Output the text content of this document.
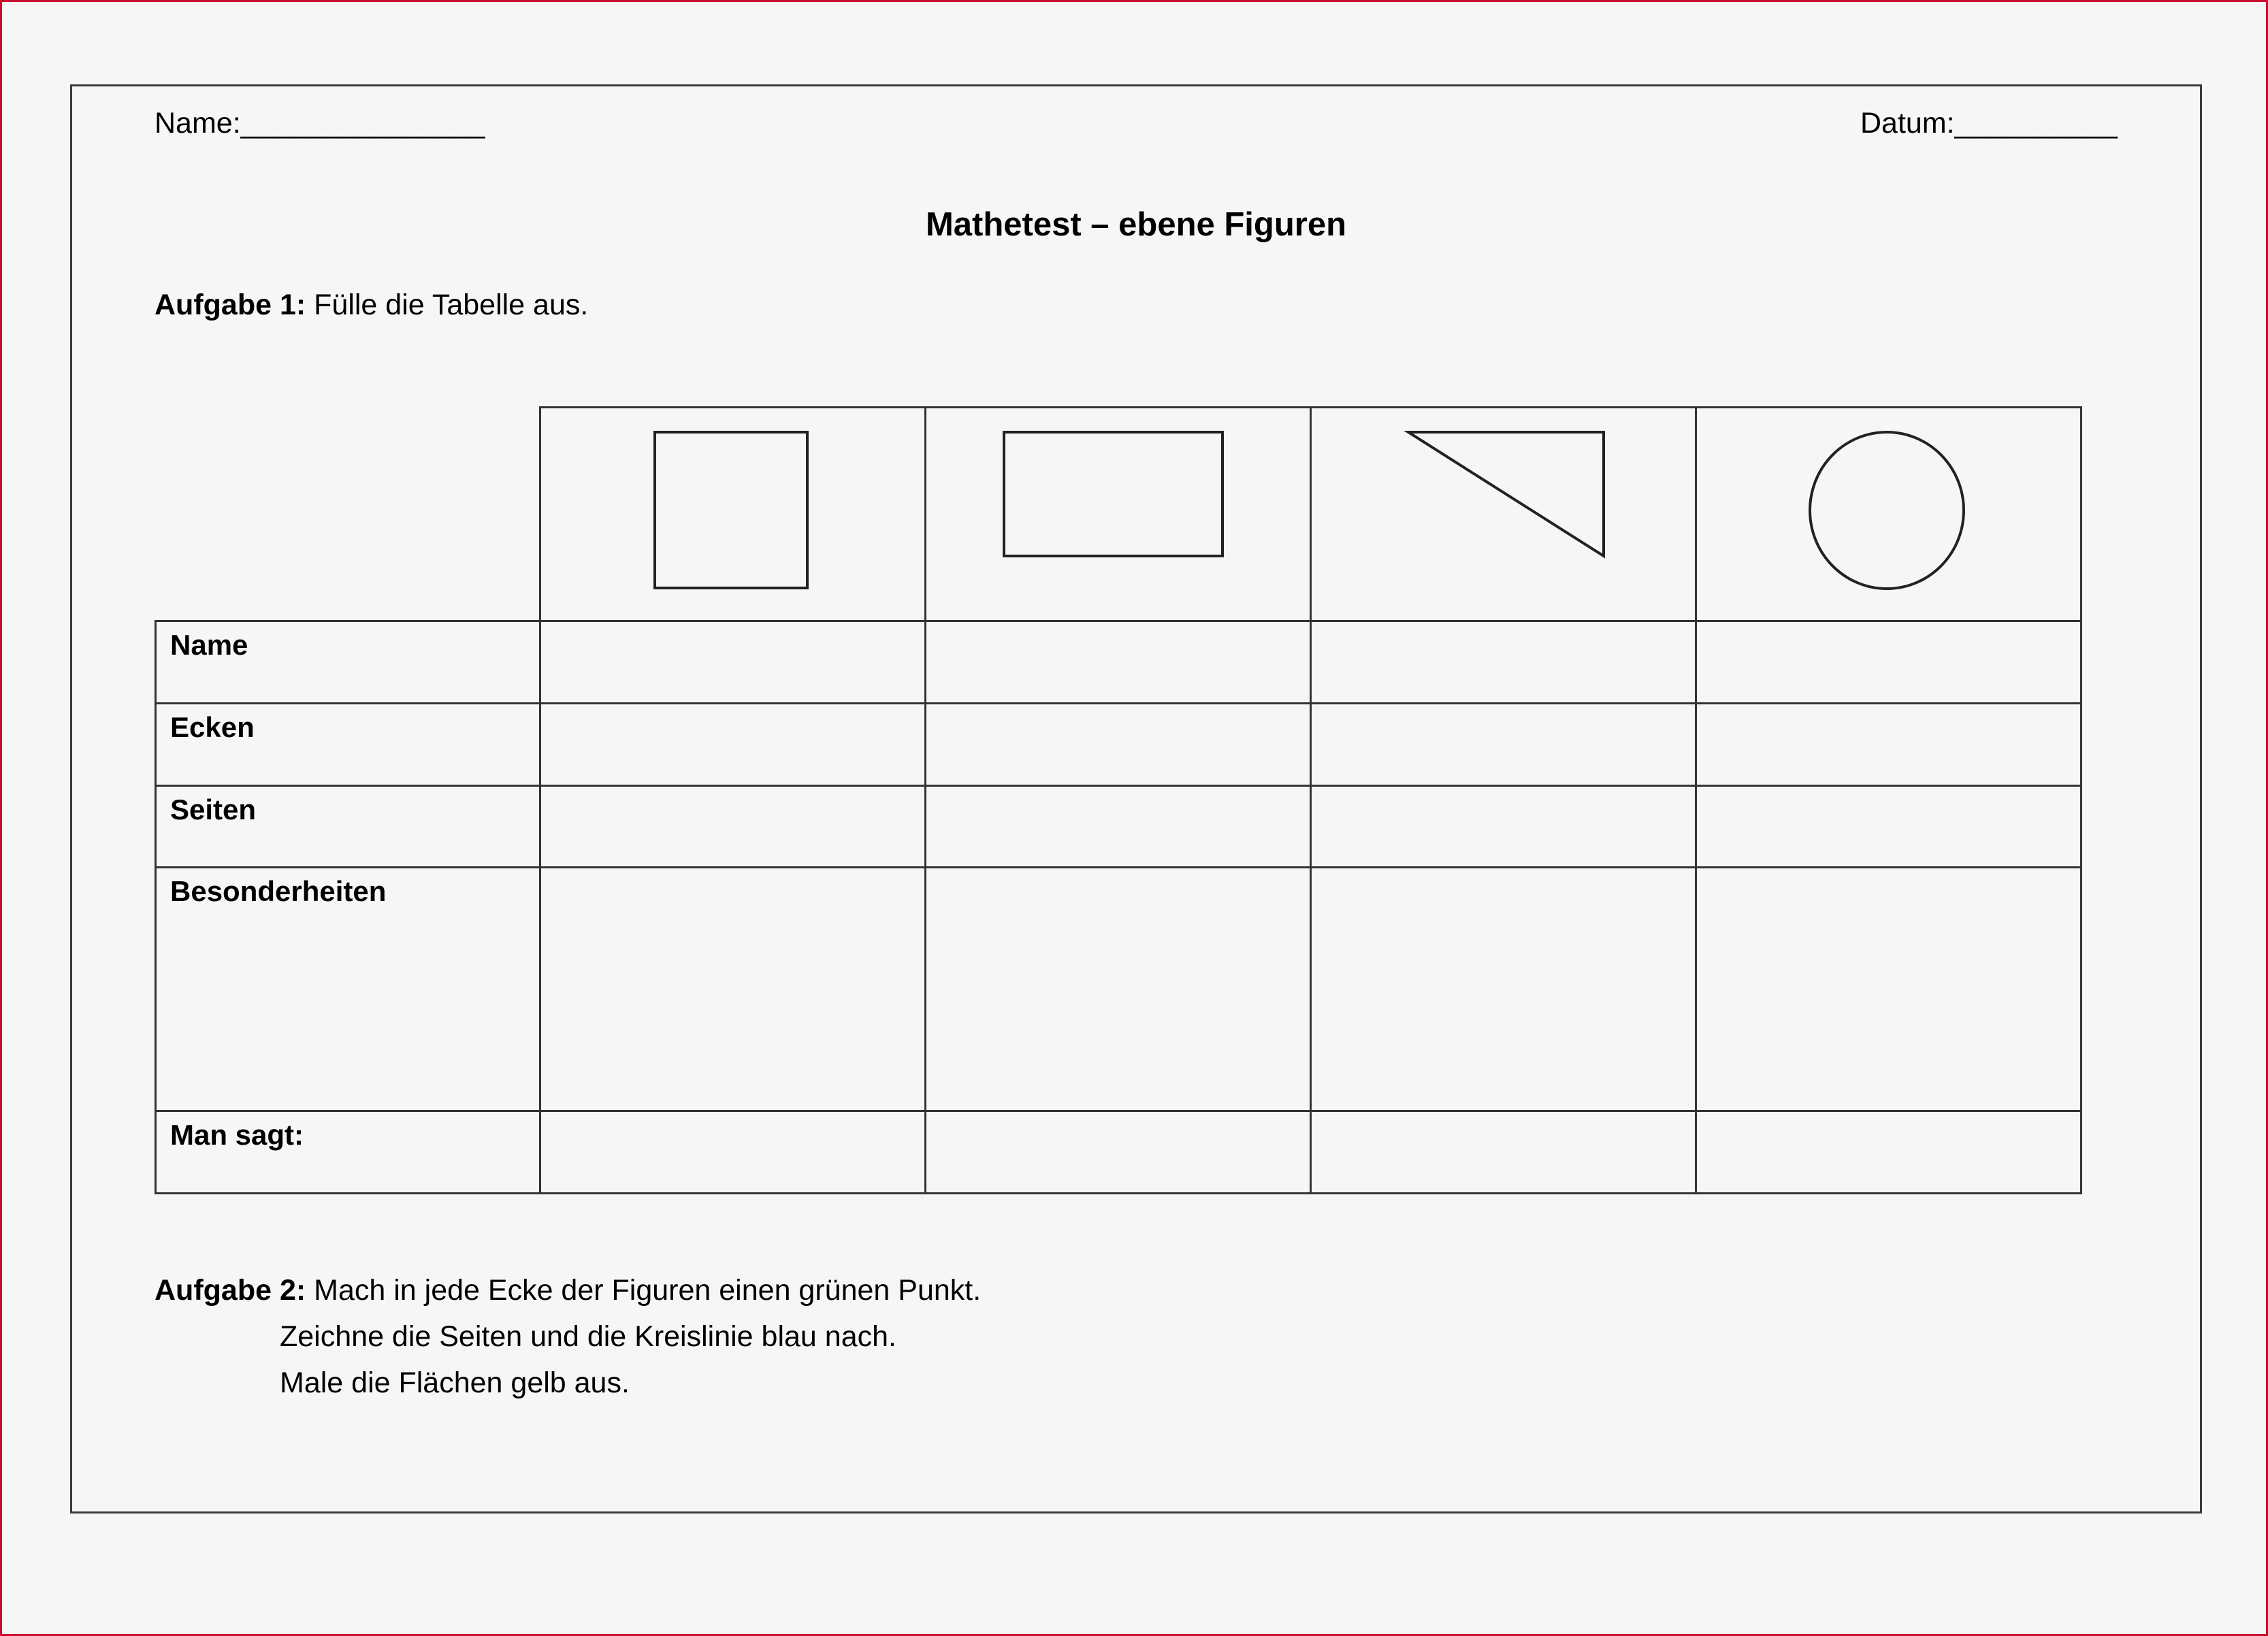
Name:_______________	Datum:__________
Mathetest – ebene Figuren
Aufgabe 1: Fülle die Tabelle aus.

Name				
Ecken				
Seiten				
Besonderheiten				
Man sagt:				
Aufgabe 2: Mach in jede Ecke der Figuren einen grünen Punkt.
Zeichne die Seiten und die Kreislinie blau nach.
Male die Flächen gelb aus.
